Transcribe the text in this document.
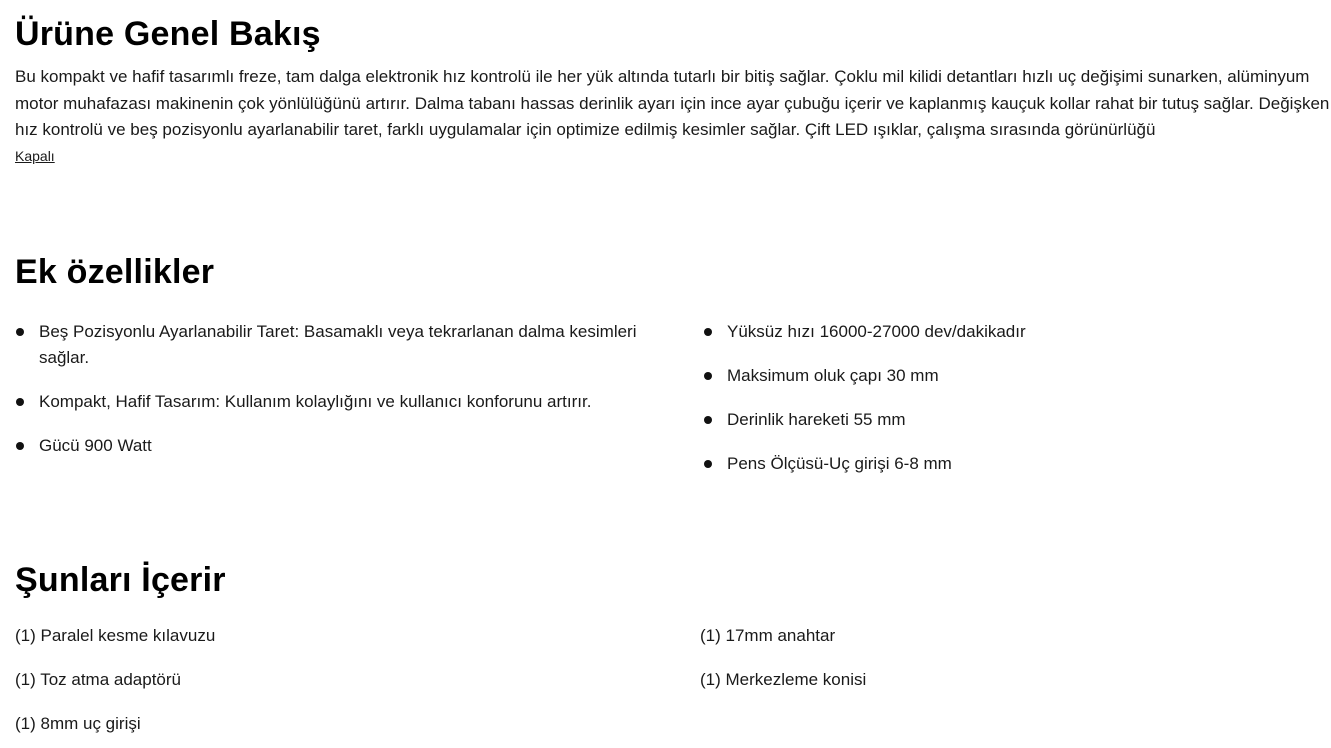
Ürüne Genel Bakış
Bu kompakt ve hafif tasarımlı freze, tam dalga elektronik hız kontrolü ile her yük altında tutarlı bir bitiş sağlar. Çoklu mil kilidi detantları hızlı uç değişimi sunarken, alüminyum motor muhafazası makinenin çok yönlülüğünü artırır. Dalma tabanı hassas derinlik ayarı için ince ayar çubuğu içerir ve kaplanmış kauçuk kollar rahat bir tutuş sağlar. Değişken hız kontrolü ve beş pozisyonlu ayarlanabilir taret, farklı uygulamalar için optimize edilmiş kesimler sağlar. Çift LED ışıklar, çalışma sırasında görünürlüğü
Kapalı
Ek özellikler
Beş Pozisyonlu Ayarlanabilir Taret: Basamaklı veya tekrarlanan dalma kesimleri sağlar.
Kompakt, Hafif Tasarım: Kullanım kolaylığını ve kullanıcı konforunu artırır.
Gücü 900 Watt
Yüksüz hızı 16000-27000 dev/dakikadır
Maksimum oluk çapı 30 mm
Derinlik hareketi 55 mm
Pens Ölçüsü-Uç girişi 6-8 mm
Şunları İçerir
(1) Paralel kesme kılavuzu
(1) Toz atma adaptörü
(1) 8mm uç girişi
(1) 17mm anahtar
(1) Merkezleme konisi
